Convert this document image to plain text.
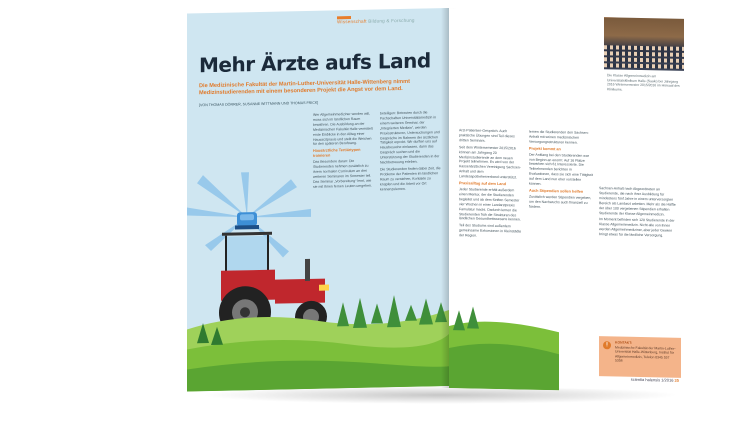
Wissenschaft Bildung & Forschung
Mehr Ärzte aufs Land
Die Medizinische Fakultät der Martin-Luther-Universität Halle-Wittenberg nimmt Medizinstudierenden mit einem besonderen Projekt die Angst vor dem Land.
[VON THOMAS DÖRRER, SUSANNE WITTMANN UND THOMAS FRICK]

Wer Allgemeinmediziner werden will, muss sich im ländlichen Raum bewähren. Die Ausbildung an der Medizinischen Fakultät Halle vermittelt erste Einblicke in den Alltag einer Hausarztpraxis und stellt die Weichen für den späteren Berufsweg.

Hausärztliche Tertiärtypen trainieren

Das Besondere daran: Die Studierenden nehmen zusätzlich zu ihrem normalen Curriculum an drei weiteren Seminaren im Semester teil. Das Seminar „Vorbereitung“ lernt, wie sie mit Ihnen fernen Leuten umgehen.

beteiligen: Betreuten durch die Fachschaften Universitätsmedizin in einem weiteren Seminar, der „Integrierten Medizin“, werden Praxisstrukturen, Untersuchungen und Gespräche im Rahmen der ärztlichen Tätigkeit erprobt. Wir durften uns auf Hausbesuche einlassen, dann das Gespräch suchen und die Unterstützung der Studierenden in der Nachbetreuung erleben.

Die Studierenden finden dabei Zeit, die Probleme der Patienten im ländlichen Raum zu verstehen, Kontakte zu knüpfen und die Arbeit vor Ort kennenzulernen.

Arzt-Patienten-Gespräch. Auch praktische Übungen sind Teil dieses dritten Seminars.

Seit dem Wintersemester 2015/2016 können am Jahrgang 20 Medizinstudierende an dem neuen Projekt teilnehmen. Es wird von der Kassenärztlichen Vereinigung Sachsen-Anhalt und dem Landesapothekerverband unterstützt.

Praxisalltag auf dem Land

Jeder Studierende erhält außerdem einen Mentor, der die Studierenden begleitet und ab dem fünften Semester vier Wochen in einer Landarztpraxis Famulatur macht. Dadurch lernen die Studierenden früh die Strukturen des ländlichen Gesundheitswesens kennen.

Teil des Studiums sind außerdem gemeinsame Exkursionen in Kleinstädte der Region.

lernen die Studierenden den Sachsen-Anhalt mit seinen medizinischen Versorgungsstrukturen kennen.

Projekt kommt an

Der Anklang bei den Studierenden war von Beginn an enorm: Auf 16 Plätze bewarben sich 61 Interessierte. Die Teilnehmenden berichten in Evaluationen, dass sie sich eine Tätigkeit auf dem Land nun eher vorstellen können.

Auch Stipendien sollen helfen

Zusätzlich werden Stipendien vergeben, um den Nachwuchs auch finanziell zu fördern.

Sachsen-Anhalt nach Abgeordneten an Studierende, die nach ihrer Ausbildung für mindestens fünf Jahre in einem unterversorgten Bereich als Landarzt arbeiten. Mehr als die Hälfte der über 100 vergebenen Stipendien erhalten Studierende der Klasse Allgemeinmedizin.

Im Moment befinden sich 120 Studierende in der Klasse Allgemeinmedizin. Nicht alle von ihnen werden Allgemeinmediziner, aber jeder Gewinn bringt etwas für die ländliche Versorgung.

Die Klasse Allgemeinmedizin am Universitätsklinikum Halle (Saale) bei Jahrgang 2016 Wintersemester 2015/2016 im Hörsaal des Klinikums.
!	KONTAKT:
Medizinische Fakultät der Martin-Luther-Universität Halle-Wittenberg, Institut für Allgemeinmedizin, Telefon 0345 557 5358
scientia halensis 1/2016 35
